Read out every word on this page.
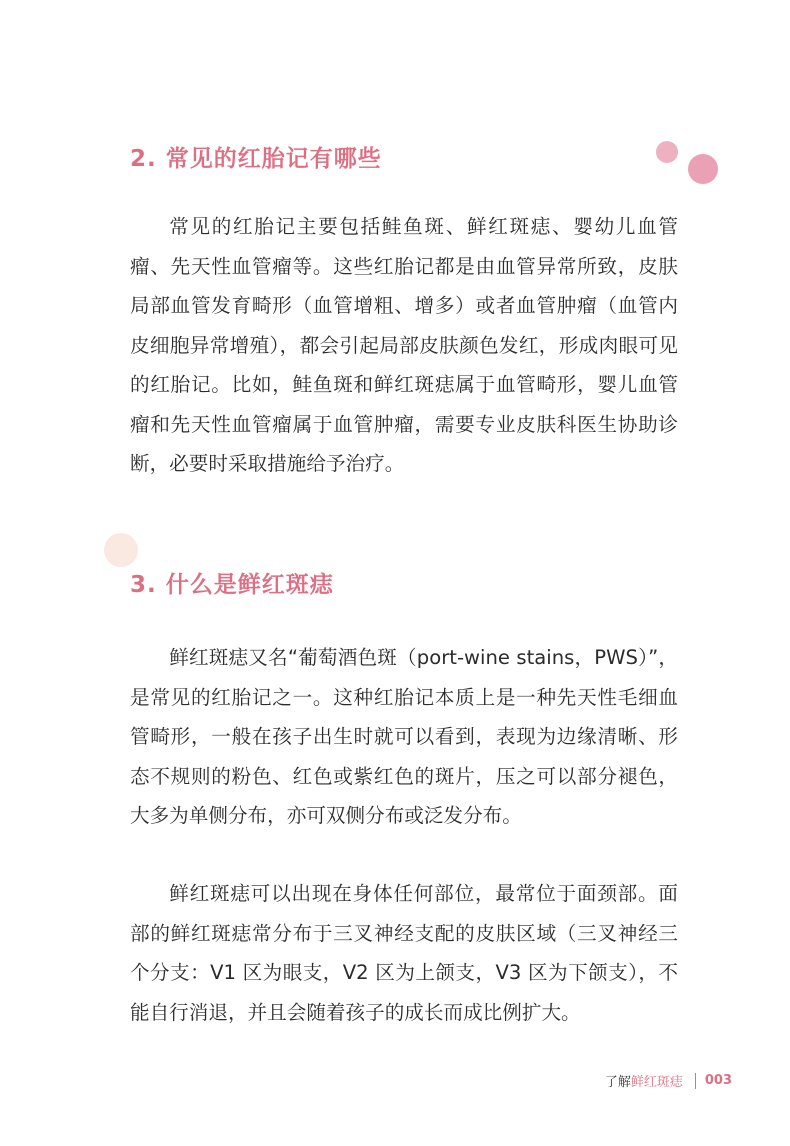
2. 常见的红胎记有哪些

常见的红胎记主要包括鲑鱼斑、鲜红斑痣、婴幼儿血管瘤、先天性血管瘤等。这些红胎记都是由血管异常所致，皮肤局部血管发育畸形（血管增粗、增多）或者血管肿瘤（血管内皮细胞异常增殖），都会引起局部皮肤颜色发红，形成肉眼可见的红胎记。比如，鲑鱼斑和鲜红斑痣属于血管畸形，婴儿血管瘤和先天性血管瘤属于血管肿瘤，需要专业皮肤科医生协助诊断，必要时采取措施给予治疗。

3. 什么是鲜红斑痣

鲜红斑痣又名“葡萄酒色斑（port-wine stains，PWS）”，是常见的红胎记之一。这种红胎记本质上是一种先天性毛细血管畸形，一般在孩子出生时就可以看到，表现为边缘清晰、形态不规则的粉色、红色或紫红色的斑片，压之可以部分褪色，大多为单侧分布，亦可双侧分布或泛发分布。

鲜红斑痣可以出现在身体任何部位，最常位于面颈部。面部的鲜红斑痣常分布于三叉神经支配的皮肤区域（三叉神经三个分支：V1 区为眼支，V2 区为上颌支，V3 区为下颌支），不能自行消退，并且会随着孩子的成长而成比例扩大。

了解 鲜红斑痣 003
